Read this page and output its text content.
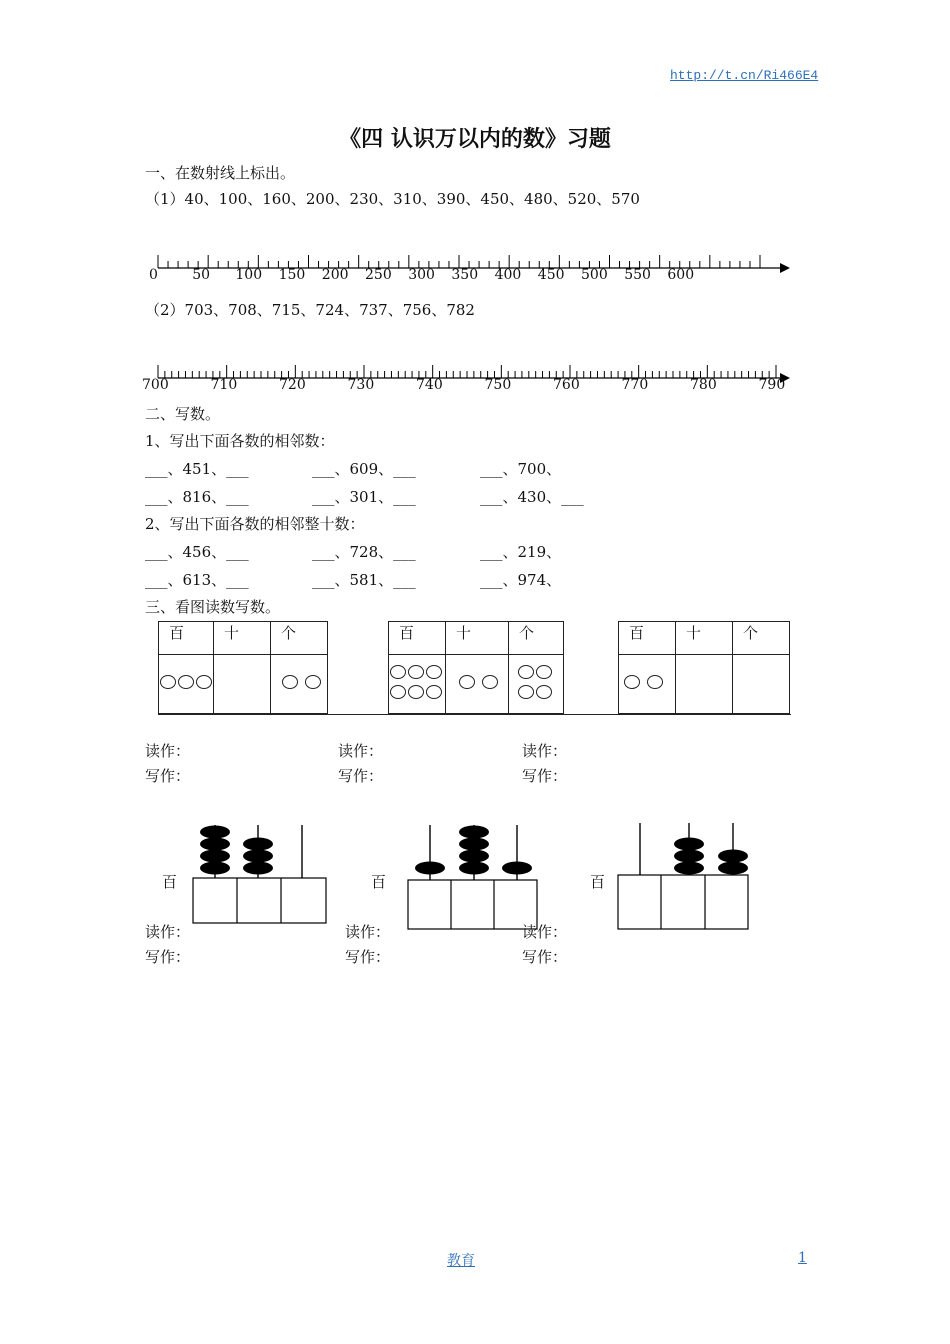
http://t.cn/Ri466E4
《四 认识万以内的数》习题
一、在数射线上标出。
（1）40、100、160、200、230、310、390、450、480、520、570
0 50 100 150 200 250 300 350 400 450 500 550 600
（2）703、708、715、724、737、756、782
700	710	720	730	740	750	760	770	780	790
二、写数。
1、写出下面各数的相邻数：
___、451、___	___、609、___	___、700、
___、816、___	___、301、___	___、430、___
2、写出下面各数的相邻整十数：
___、456、___	___、728、___	___、219、
___、613、___	___、581、___	___、974、
三、看图读数写数。
百	十	个
			百	十	个

			百	十	个

读作：	读作：	读作：
写作：	写作：	写作：
百	百	百
读作：	读作：	读作：
写作：	写作：	写作：
教育	1
